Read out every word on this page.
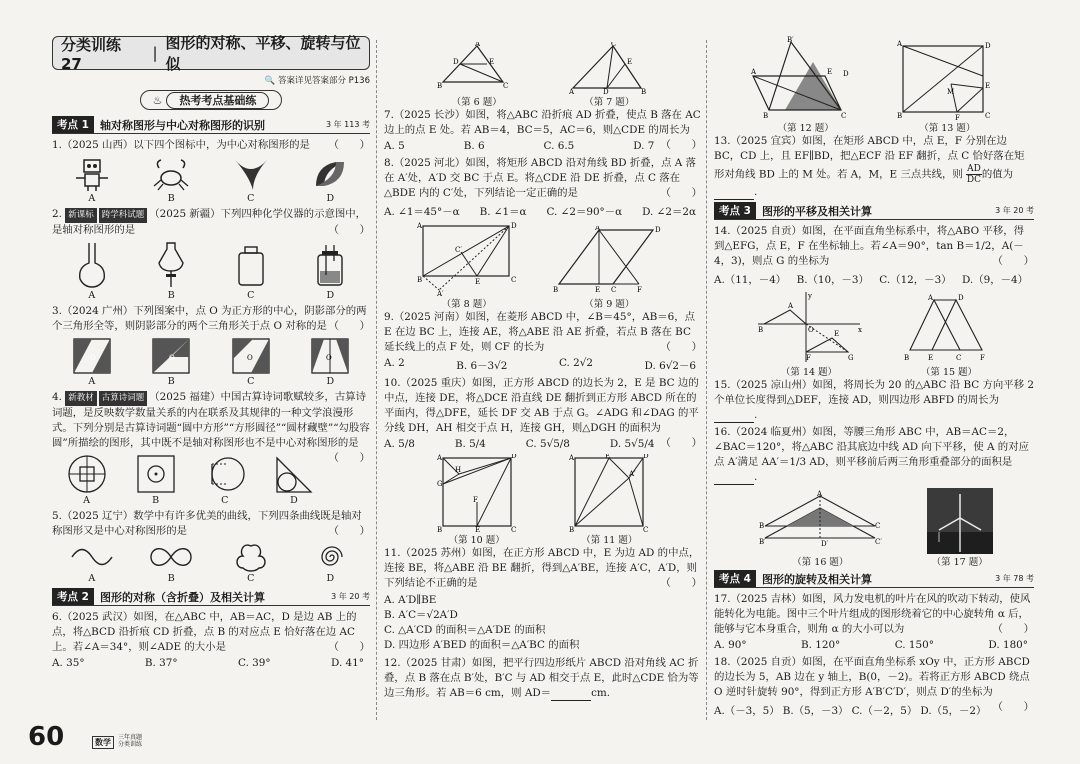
分类训练 27
|
图形的对称、平移、旋转与位似
🔍 答案详见答案部分 P136
♨ 热考考点基础练
考点 1	轴对称图形与中心对称图形的识别	3 年 113 考
1.（2025 山西）以下四个图标中，为中心对称图形的是 （　　）
A	B	C	D
2. 新课标 跨学科试题 （2025 新疆）下列四种化学仪器的示意图中，是轴对称图形的是	（　　）
A	B	C	D
3.（2024 广州）下列图案中，点 O 为正方形的中心，阴影部分的两个三角形全等，则阴影部分的两个三角形关于点 O 对称的是 （　　）
O
A
O
B
O
C
O
D
4. 新教材 古算诗词题 （2025 福建）中国古算诗词歌赋较多，古算诗词题，是反映数学数量关系的内在联系及其规律的一种文学浪漫形式。下列分别是古算诗词题“圆中方形”“方形圆径”“圆材藏壁”“勾股容圆”所描绘的图形，其中既不是轴对称图形也不是中心对称图形的是
（　　）
A	B	C	D
5.（2025 辽宁）数学中有许多优美的曲线，下列四条曲线既是轴对称图形又是中心对称图形的是	（　　）
A	B	C	D
考点 2	图形的对称（含折叠）及相关计算	3 年 20 考
6.（2025 武汉）如图，在△ABC 中，AB＝AC，D 是边 AB 上的点，将△BCD 沿折痕 CD 折叠，点 B 的对应点 E 恰好落在边 AC 上。若∠A＝34°，则∠ADE 的大小是	（　　）
A. 35°	B. 37°	C. 39°	D. 41°
A
B	C
D	E
（第 6 题）
C
A	B
E
D
（第 7 题）
7.（2025 长沙）如图，将△ABC 沿折痕 AD 折叠，使点 B 落在 AC 边上的点 E 处。若 AB＝4，BC＝5，AC＝6，则△CDE 的周长为
（　　）
A. 5	B. 6	C. 6.5	D. 7
8.（2025 河北）如图，将矩形 ABCD 沿对角线 BD 折叠，点 A 落在 A′处，A′D 交 BC 于点 E。将△CDE 沿 DE 折叠，点 C 落在△BDE 内的 C′处，下列结论一定正确的是	（　　）
A. ∠1＝45°－α B. ∠1＝α C. ∠2＝90°－α D. ∠2＝2α
A	D
B	C
E
A′
C′
（第 8 题）
A	D
B	E C	F
（第 9 题）
9.（2025 河南）如图，在菱形 ABCD 中，∠B＝45°，AB＝6，点 E 在边 BC 上，连接 AE，将△ABE 沿 AE 折叠，若点 B 落在 BC 延长线上的点 F 处，则 CF 的长为	（　　）
A. 2	B. 6－3√2	C. 2√2	D. 6√2－6
10.（2025 重庆）如图，正方形 ABCD 的边长为 2，E 是 BC 边的中点，连接 DE，将△DCE 沿直线 DE 翻折到正方形 ABCD 所在的平面内，得△DFE，延长 DF 交 AB 于点 G。∠ADG 和∠DAG 的平分线 DH，AH 相交于点 H，连接 GH，则△DGH 的面积为
（　　）
A. 5/8	B. 5/4	C. 5√5/8	D. 5√5/4
A	D
B	C
E
H
G
F
（第 10 题）
A	E	D
B	C
A′
（第 11 题）
11.（2025 苏州）如图，在正方形 ABCD 中，E 为边 AD 的中点，连接 BE，将△ABE 沿 BE 翻折，得到△A′BE，连接 A′C，A′D，则下列结论不正确的是	（　　）
A. A′D∥BE
B. A′C＝√2A′D
C. △A′CD 的面积＝△A′DE 的面积
D. 四边形 A′BED 的面积＝△A′BC 的面积
12.（2025 甘肃）如图，把平行四边形纸片 ABCD 沿对角线 AC 折叠，点 B 落在点 B′处，B′C 与 AD 相交于点 E，此时△CDE 恰为等边三角形。若 AB＝6 cm，则 AD＝	cm.
B′
A	E D
B	C
（第 12 题）
A	D
B	C
F
E
M
（第 13 题）
13.（2025 宜宾）如图，在矩形 ABCD 中，点 E，F 分别在边 BC，CD 上，且 EF∥BD，把△ECF 沿 EF 翻折，点 C 恰好落在矩形对角线 BD 上的 M 处。若 A，M，E 三点共线，则 $\frac{AD}{DC}$ 的值为.
考点 3	图形的平移及相关计算	3 年 20 考
14.（2025 自贡）如图，在平面直角坐标系中，将△ABO 平移，得到△EFG，点 E，F 在坐标轴上。若∠A＝90°，tan B＝1/2，A(－4，3)，则点 G 的坐标为	（　　）
A.（11，－4） B.（10，－3） C.（12，－3） D.（9，－4）
B
A
O	x
y
F
E
G
（第 14 题）
A	D
B	E	C	F
（第 15 题）
15.（2025 凉山州）如图，将周长为 20 的△ABC 沿 BC 方向平移 2 个单位长度得到△DEF，连接 AD，则四边形 ABFD 的周长为.
16.（2024 临夏州）如图，等腰三角形 ABC 中，AB＝AC＝2，∠BAC＝120°，将△ABC 沿其底边中线 AD 向下平移，使 A 的对应点 A′满足 AA′＝1/3 AD，则平移前后两三角形重叠部分的面积是.
A
B	C
B′	C′
D′
（第 16 题）	（第 17 题）
考点 4	图形的旋转及相关计算	3 年 78 考
17.（2025 吉林）如图，风力发电机的叶片在风的吹动下转动，使风能转化为电能。图中三个叶片组成的图形绕着它的中心旋转角 α 后，能够与它本身重合，则角 α 的大小可以为	（　　）
A. 90°	B. 120°	C. 150°	D. 180°
18.（2025 自贡）如图，在平面直角坐标系 xOy 中，正方形 ABCD 的边长为 5，AB 边在 y 轴上，B(0，－2)。若将正方形 ABCD 绕点 O 逆时针旋转 90°，得到正方形 A′B′C′D′，则点 D′的坐标为
（　　）
A.（－3，5） B.（5，－3） C.（－2，5） D.（5，－2）
60	数学
三年真题
分类训练
